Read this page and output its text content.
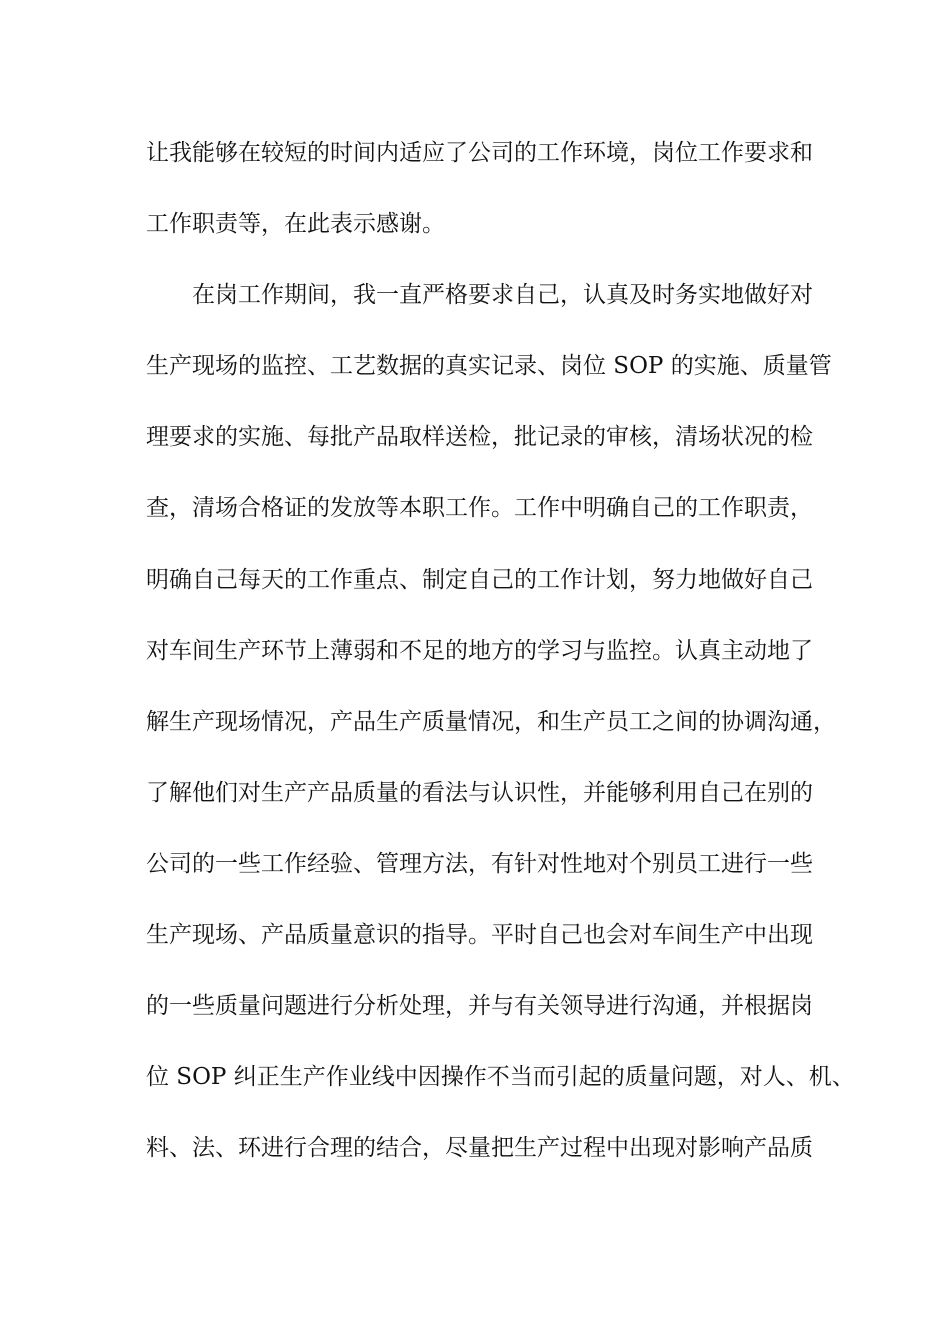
让我能够在较短的时间内适应了公司的工作环境，岗位工作要求和
工作职责等，在此表示感谢。
　　在岗工作期间，我一直严格要求自己，认真及时务实地做好对
生产现场的监控、工艺数据的真实记录、岗位 SOP 的实施、质量管
理要求的实施、每批产品取样送检，批记录的审核，清场状况的检
查，清场合格证的发放等本职工作。工作中明确自己的工作职责，
明确自己每天的工作重点、制定自己的工作计划，努力地做好自己
对车间生产环节上薄弱和不足的地方的学习与监控。认真主动地了
解生产现场情况，产品生产质量情况，和生产员工之间的协调沟通，
了解他们对生产产品质量的看法与认识性，并能够利用自己在别的
公司的一些工作经验、管理方法，有针对性地对个别员工进行一些
生产现场、产品质量意识的指导。平时自己也会对车间生产中出现
的一些质量问题进行分析处理，并与有关领导进行沟通，并根据岗
位 SOP 纠正生产作业线中因操作不当而引起的质量问题，对人、机、
料、法、环进行合理的结合，尽量把生产过程中出现对影响产品质
